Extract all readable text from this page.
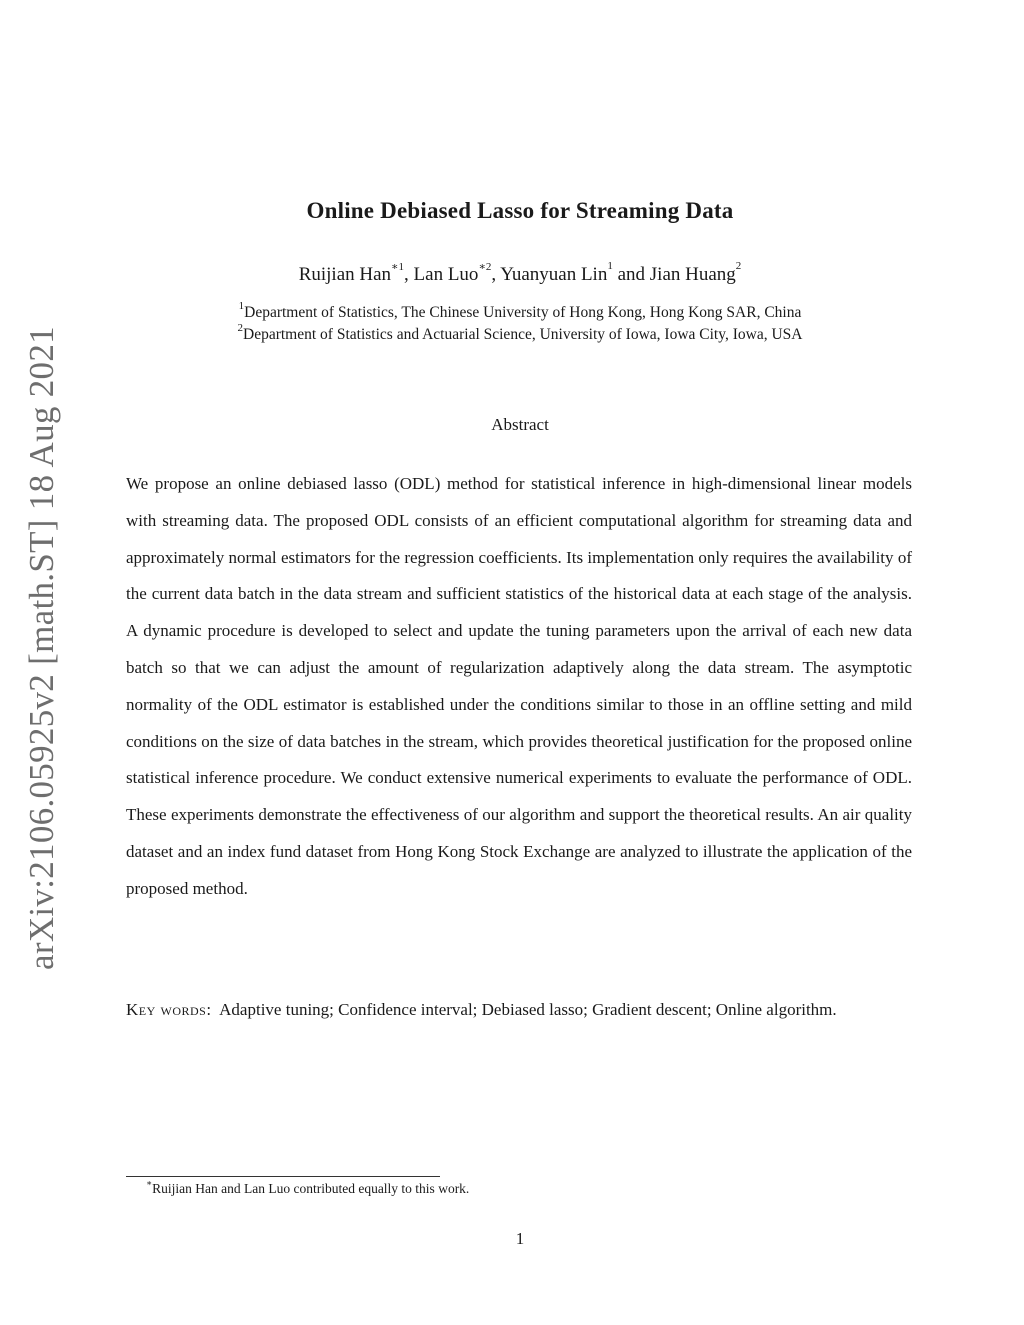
arXiv:2106.05925v2 [math.ST] 18 Aug 2021
Online Debiased Lasso for Streaming Data
Ruijian Han$^{∗1}$, Lan Luo$^{∗2}$, Yuanyuan Lin$^1$ and Jian Huang$^2$
$^1$Department of Statistics, The Chinese University of Hong Kong, Hong Kong SAR, China
$^2$Department of Statistics and Actuarial Science, University of Iowa, Iowa City, Iowa, USA
Abstract
We propose an online debiased lasso (ODL) method for statistical inference in high-dimensional linear models with streaming data. The proposed ODL consists of an efficient computational algorithm for streaming data and approximately normal estimators for the regression coefficients. Its implementation only requires the availability of the current data batch in the data stream and sufficient statistics of the historical data at each stage of the analysis. A dynamic procedure is developed to select and update the tuning parameters upon the arrival of each new data batch so that we can adjust the amount of regularization adaptively along the data stream. The asymptotic normality of the ODL estimator is established under the conditions similar to those in an offline setting and mild conditions on the size of data batches in the stream, which provides theoretical justification for the proposed online statistical inference procedure. We conduct extensive numerical experiments to evaluate the performance of ODL. These experiments demonstrate the effectiveness of our algorithm and support the theoretical results. An air quality dataset and an index fund dataset from Hong Kong Stock Exchange are analyzed to illustrate the application of the proposed method.
Key words: Adaptive tuning; Confidence interval; Debiased lasso; Gradient descent; Online algorithm.
∗Ruijian Han and Lan Luo contributed equally to this work.
1
